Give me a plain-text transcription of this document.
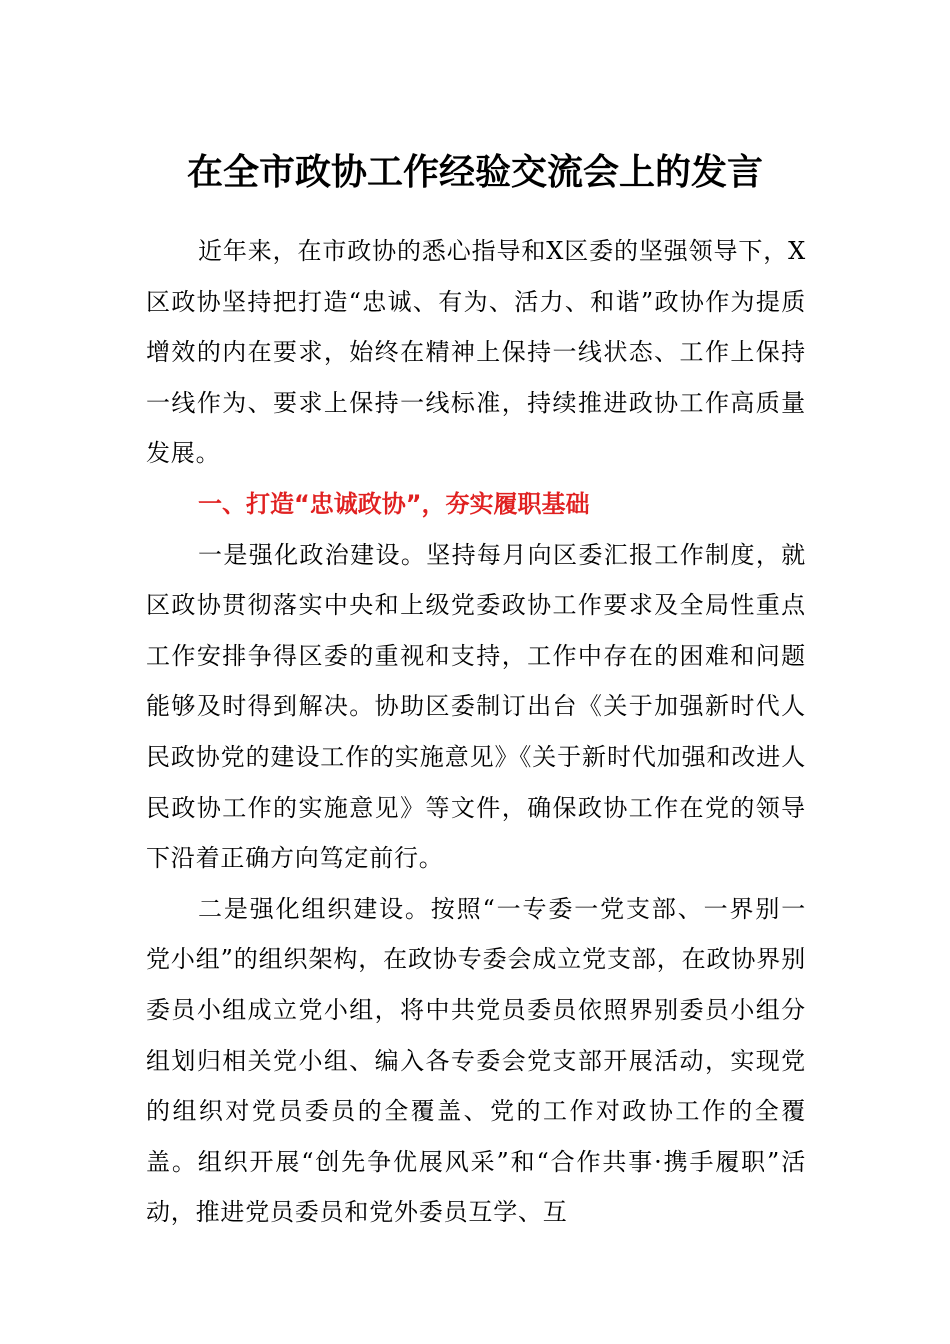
在全市政协工作经验交流会上的发言

近年来，在市政协的悉心指导和X区委的坚强领导下，X区政协坚持把打造“忠诚、有为、活力、和谐”政协作为提质增效的内在要求，始终在精神上保持一线状态、工作上保持一线作为、要求上保持一线标准，持续推进政协工作高质量发展。

一、打造“忠诚政协”，夯实履职基础

一是强化政治建设。坚持每月向区委汇报工作制度，就区政协贯彻落实中央和上级党委政协工作要求及全局性重点工作安排争得区委的重视和支持，工作中存在的困难和问题能够及时得到解决。协助区委制订出台《关于加强新时代人民政协党的建设工作的实施意见》《关于新时代加强和改进人民政协工作的实施意见》等文件，确保政协工作在党的领导下沿着正确方向笃定前行。

二是强化组织建设。按照“一专委一党支部、一界别一党小组”的组织架构，在政协专委会成立党支部，在政协界别委员小组成立党小组，将中共党员委员依照界别委员小组分组划归相关党小组、编入各专委会党支部开展活动，实现党的组织对党员委员的全覆盖、党的工作对政协工作的全覆盖。组织开展“创先争优展风采”和“合作共事·携手履职”活动，推进党员委员和党外委员互学、互
